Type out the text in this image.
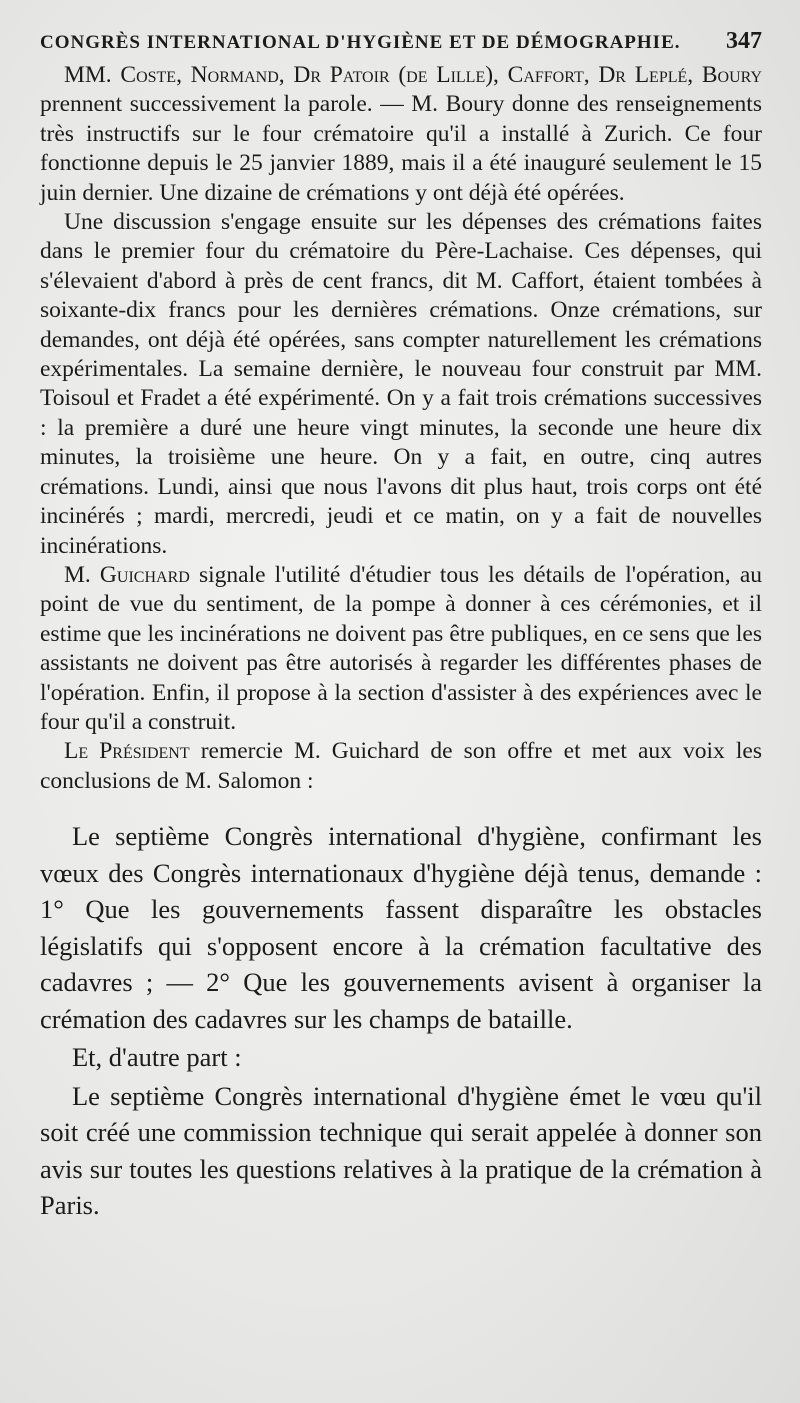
CONGRÈS INTERNATIONAL D'HYGIÈNE ET DE DÉMOGRAPHIE. 347

MM. Coste, Normand, Dr Patoir (de Lille), Caffort, Dr Leplé, Boury prennent successivement la parole. — M. Boury donne des renseignements très instructifs sur le four crématoire qu'il a installé à Zurich. Ce four fonctionne depuis le 25 janvier 1889, mais il a été inauguré seulement le 15 juin dernier. Une dizaine de crémations y ont déjà été opérées.

Une discussion s'engage ensuite sur les dépenses des crémations faites dans le premier four du crématoire du Père-Lachaise. Ces dépenses, qui s'élevaient d'abord à près de cent francs, dit M. Caffort, étaient tombées à soixante-dix francs pour les dernières crémations. Onze crémations, sur demandes, ont déjà été opérées, sans compter naturellement les crémations expérimentales. La semaine dernière, le nouveau four construit par MM. Toisoul et Fradet a été expérimenté. On y a fait trois crémations successives : la première a duré une heure vingt minutes, la seconde une heure dix minutes, la troisième une heure. On y a fait, en outre, cinq autres crémations. Lundi, ainsi que nous l'avons dit plus haut, trois corps ont été incinérés ; mardi, mercredi, jeudi et ce matin, on y a fait de nouvelles incinérations.

M. Guichard signale l'utilité d'étudier tous les détails de l'opération, au point de vue du sentiment, de la pompe à donner à ces cérémonies, et il estime que les incinérations ne doivent pas être publiques, en ce sens que les assistants ne doivent pas être autorisés à regarder les différentes phases de l'opération. Enfin, il propose à la section d'assister à des expériences avec le four qu'il a construit.

Le Président remercie M. Guichard de son offre et met aux voix les conclusions de M. Salomon :

Le septième Congrès international d'hygiène, confirmant les vœux des Congrès internationaux d'hygiène déjà tenus, demande : 1° Que les gouvernements fassent disparaître les obstacles législatifs qui s'opposent encore à la crémation facultative des cadavres ; — 2° Que les gouvernements avisent à organiser la crémation des cadavres sur les champs de bataille.

Et, d'autre part :

Le septième Congrès international d'hygiène émet le vœu qu'il soit créé une commission technique qui serait appelée à donner son avis sur toutes les questions relatives à la pratique de la crémation à Paris.
